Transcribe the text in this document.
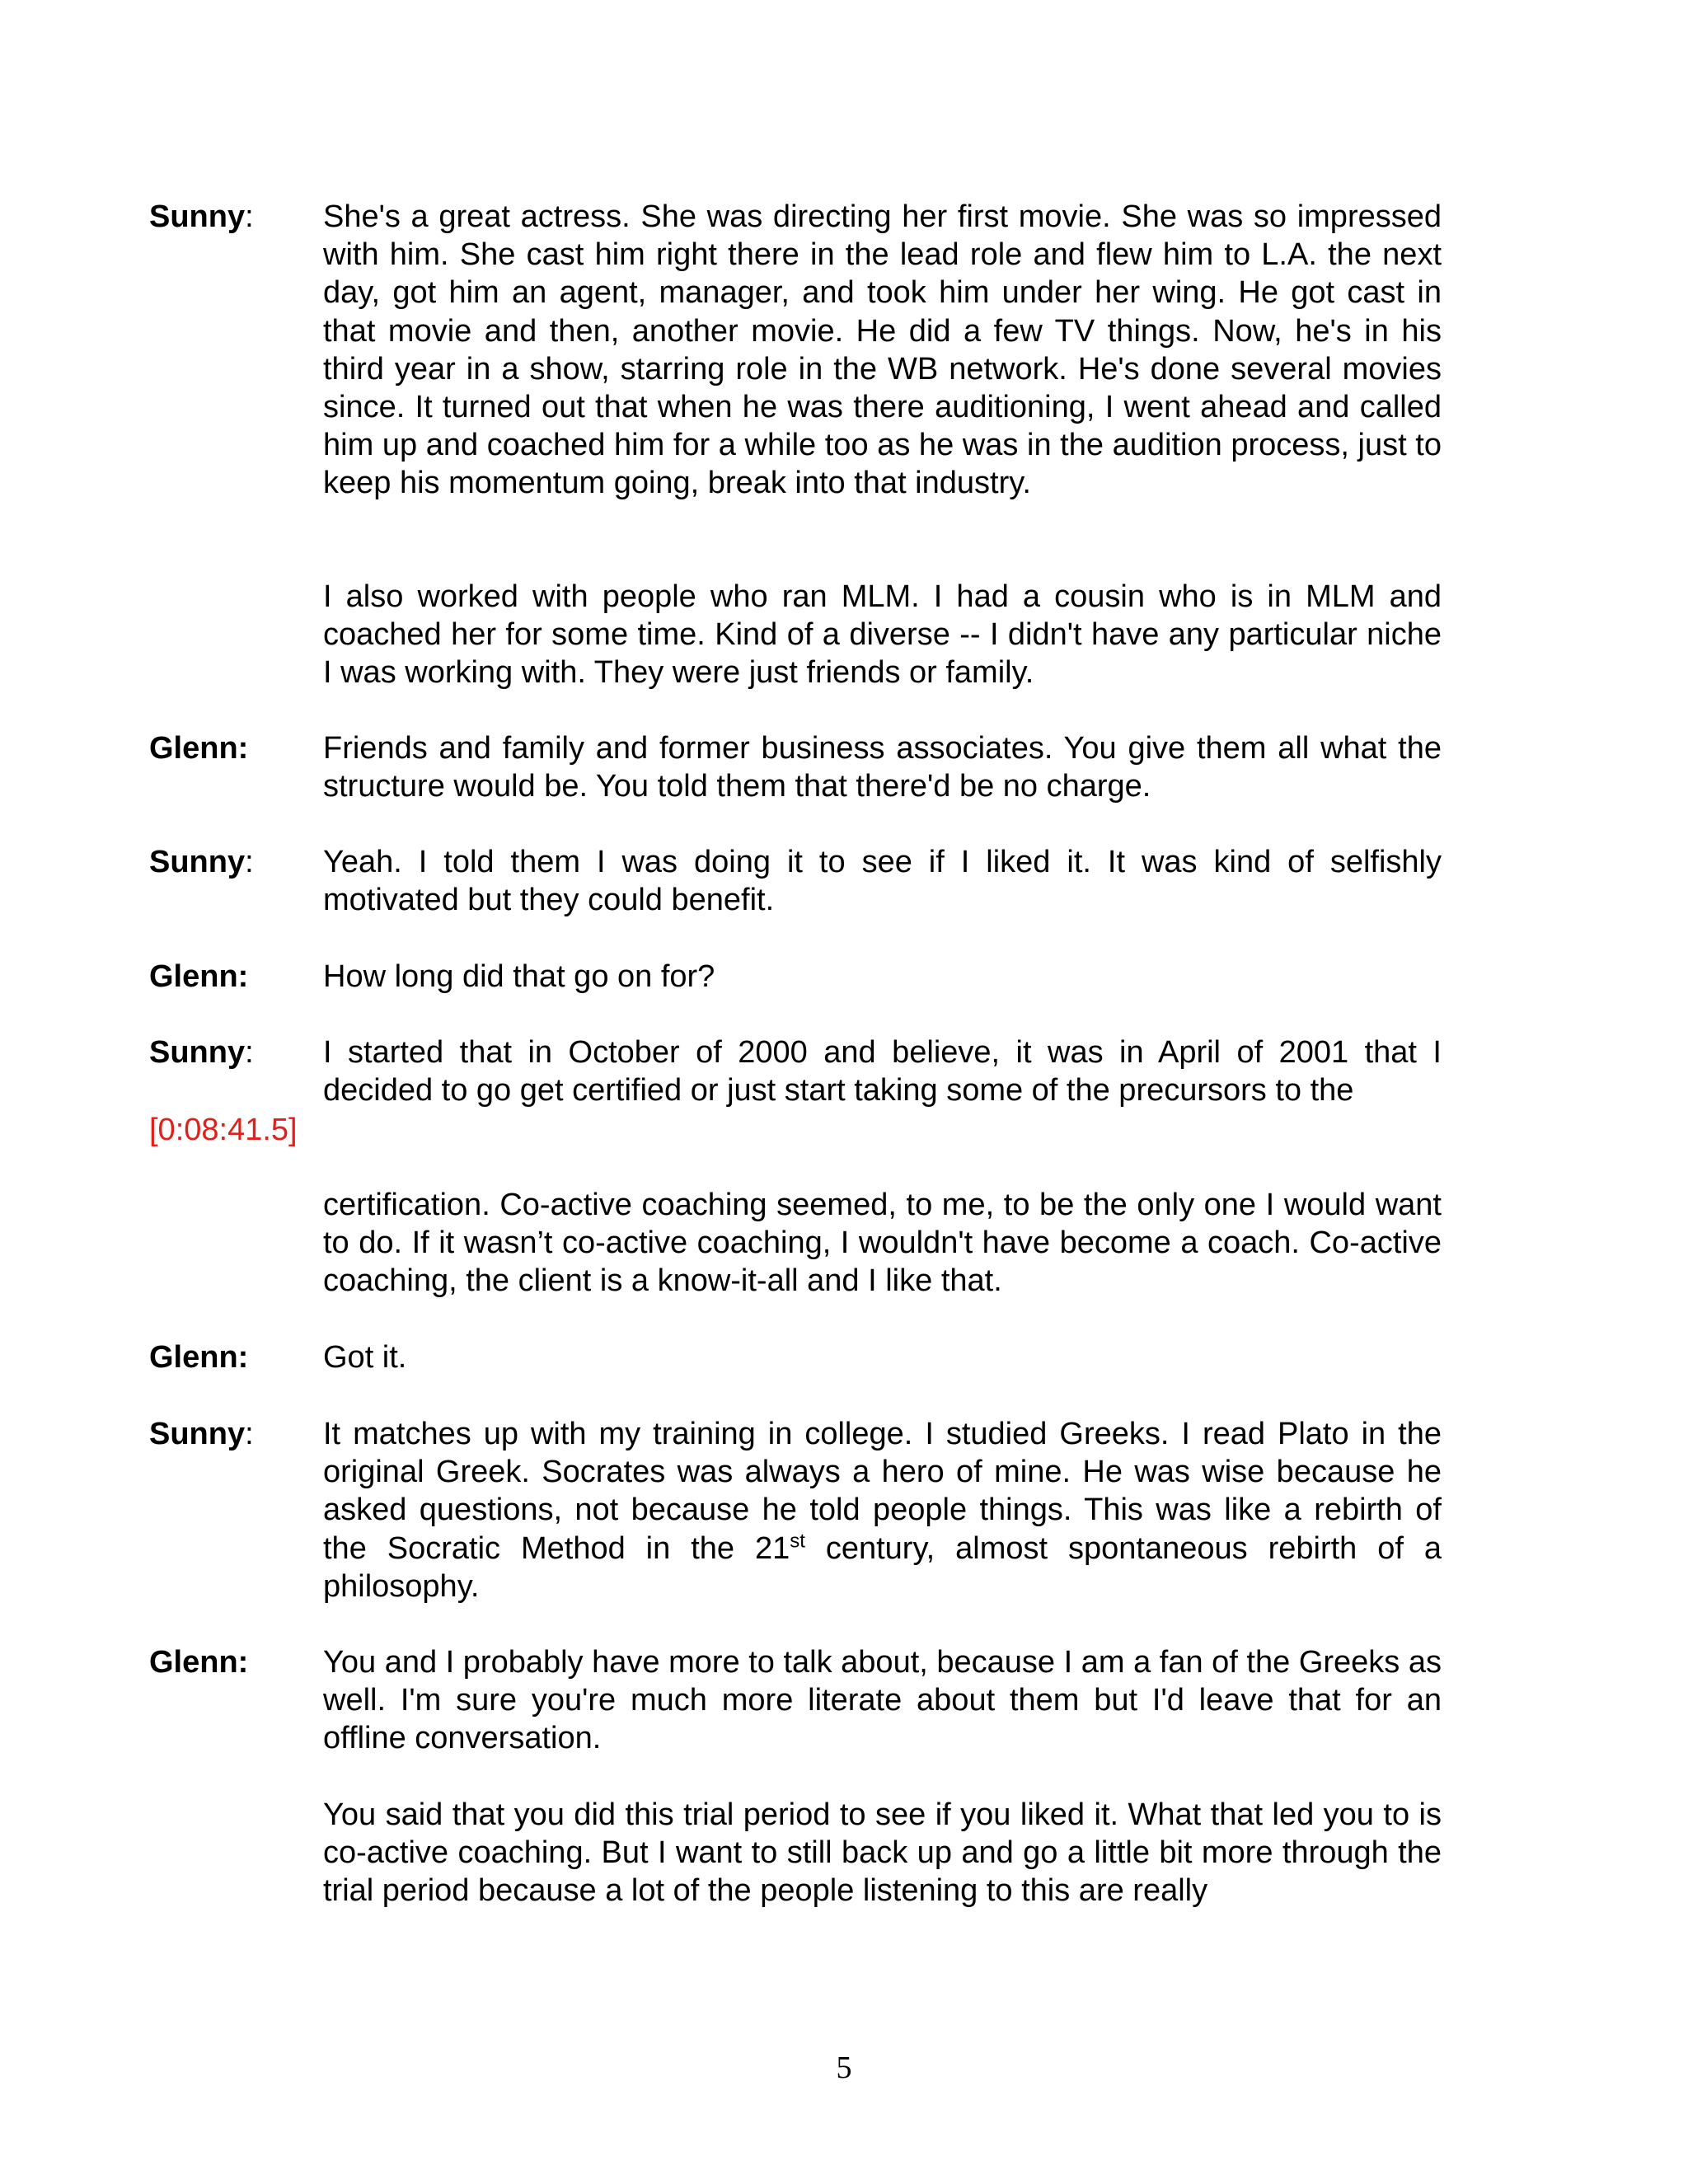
Sunny: She's a great actress. She was directing her first movie. She was so impressed with him. She cast him right there in the lead role and flew him to L.A. the next day, got him an agent, manager, and took him under her wing. He got cast in that movie and then, another movie. He did a few TV things. Now, he's in his third year in a show, starring role in the WB network. He's done several movies since. It turned out that when he was there auditioning, I went ahead and called him up and coached him for a while too as he was in the audition process, just to keep his momentum going, break into that industry.
I also worked with people who ran MLM. I had a cousin who is in MLM and coached her for some time. Kind of a diverse -- I didn't have any particular niche I was working with. They were just friends or family.
Glenn: Friends and family and former business associates. You give them all what the structure would be. You told them that there'd be no charge.
Sunny: Yeah. I told them I was doing it to see if I liked it. It was kind of selfishly motivated but they could benefit.
Glenn: How long did that go on for?
Sunny: I started that in October of 2000 and believe, it was in April of 2001 that I decided to go get certified or just start taking some of the precursors to the
[0:08:41.5]
certification. Co-active coaching seemed, to me, to be the only one I would want to do. If it wasn’t co-active coaching, I wouldn't have become a coach. Co-active coaching, the client is a know-it-all and I like that.
Glenn: Got it.
Sunny: It matches up with my training in college. I studied Greeks. I read Plato in the original Greek. Socrates was always a hero of mine. He was wise because he asked questions, not because he told people things. This was like a rebirth of the Socratic Method in the 21st century, almost spontaneous rebirth of a philosophy.
Glenn: You and I probably have more to talk about, because I am a fan of the Greeks as well. I'm sure you're much more literate about them but I'd leave that for an offline conversation.
You said that you did this trial period to see if you liked it. What that led you to is co-active coaching. But I want to still back up and go a little bit more through the trial period because a lot of the people listening to this are really
5
